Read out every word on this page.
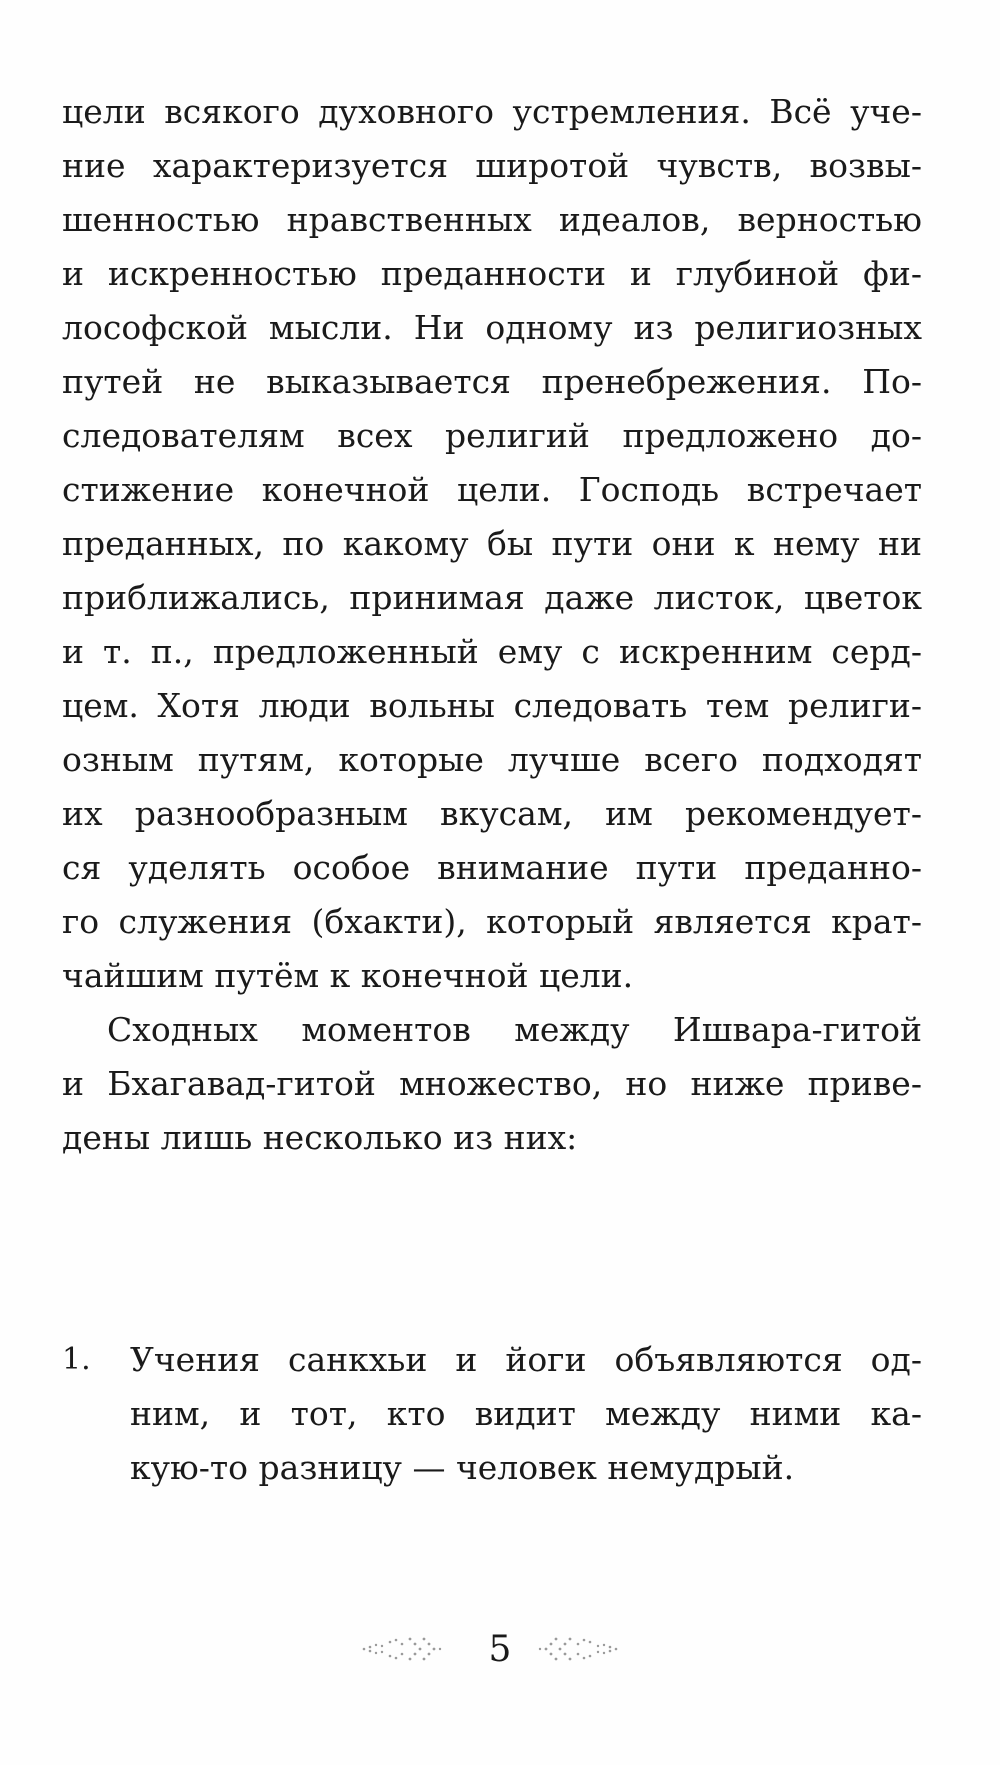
цели всякого духовного устремления. Всё уче-
ние характеризуется широтой чувств, возвы-
шенностью нравственных идеалов, верностью
и искренностью преданности и глубиной фи-
лософской мысли. Ни одному из религиозных
путей не выказывается пренебрежения. По-
следователям всех религий предложено до-
стижение конечной цели. Господь встречает
преданных, по какому бы пути они к нему ни
приближались, принимая даже листок, цветок
и т. п., предложенный ему с искренним серд-
цем. Хотя люди вольны следовать тем религи-
озным путям, которые лучше всего подходят
их разнообразным вкусам, им рекомендует-
ся уделять особое внимание пути преданно-
го служения (бхакти), который является крат-
чайшим путём к конечной цели.
Сходных моментов между Ишвара-гитой
и Бхагавад-гитой множество, но ниже приве-
дены лишь несколько из них:
1. Учения санкхьи и йоги объявляются од-
ним, и тот, кто видит между ними ка-
кую-то разницу — человек немудрый.
5
